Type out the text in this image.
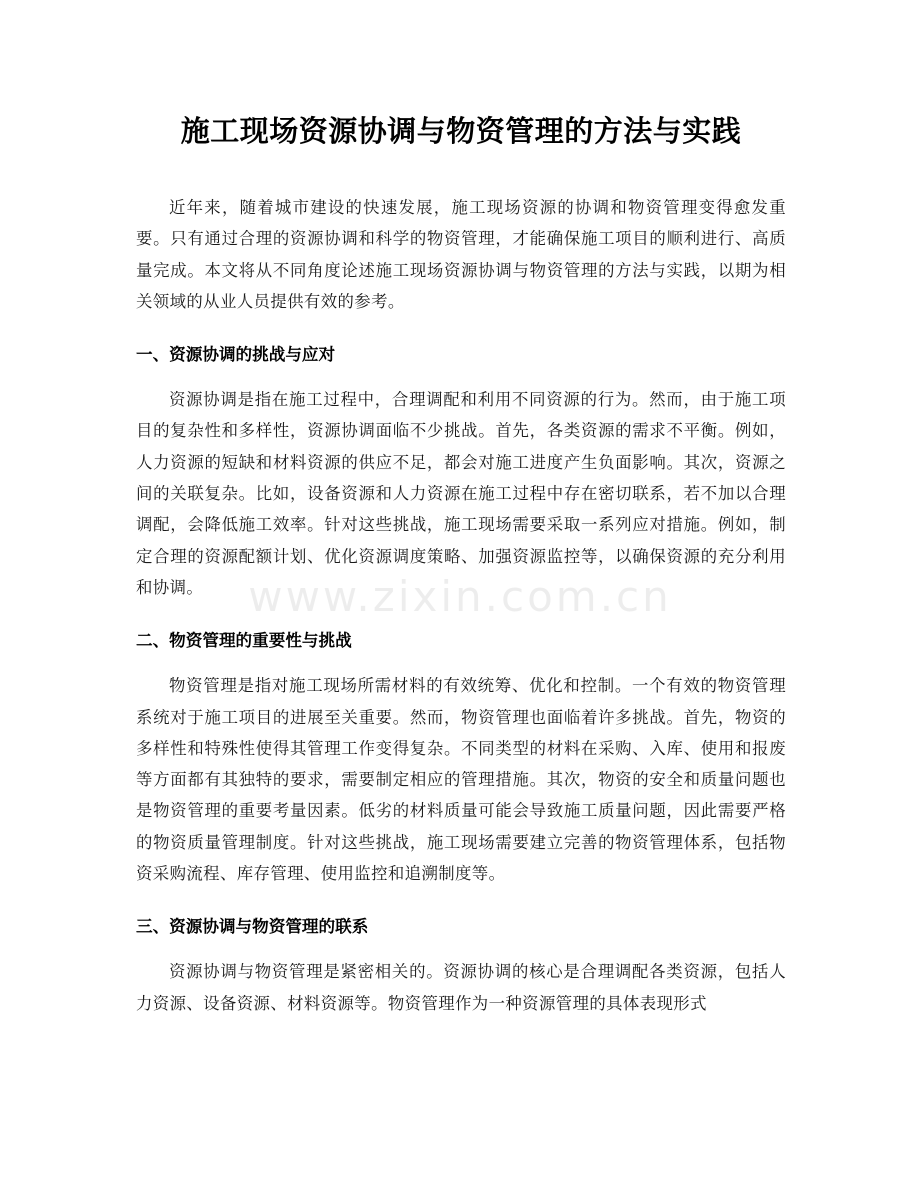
施工现场资源协调与物资管理的方法与实践

近年来，随着城市建设的快速发展，施工现场资源的协调和物资管理变得愈发重要。只有通过合理的资源协调和科学的物资管理，才能确保施工项目的顺利进行、高质量完成。本文将从不同角度论述施工现场资源协调与物资管理的方法与实践，以期为相关领域的从业人员提供有效的参考。

一、资源协调的挑战与应对

资源协调是指在施工过程中，合理调配和利用不同资源的行为。然而，由于施工项目的复杂性和多样性，资源协调面临不少挑战。首先，各类资源的需求不平衡。例如，人力资源的短缺和材料资源的供应不足，都会对施工进度产生负面影响。其次，资源之间的关联复杂。比如，设备资源和人力资源在施工过程中存在密切联系，若不加以合理调配，会降低施工效率。针对这些挑战，施工现场需要采取一系列应对措施。例如，制定合理的资源配额计划、优化资源调度策略、加强资源监控等，以确保资源的充分利用和协调。

二、物资管理的重要性与挑战

物资管理是指对施工现场所需材料的有效统筹、优化和控制。一个有效的物资管理系统对于施工项目的进展至关重要。然而，物资管理也面临着许多挑战。首先，物资的多样性和特殊性使得其管理工作变得复杂。不同类型的材料在采购、入库、使用和报废等方面都有其独特的要求，需要制定相应的管理措施。其次，物资的安全和质量问题也是物资管理的重要考量因素。低劣的材料质量可能会导致施工质量问题，因此需要严格的物资质量管理制度。针对这些挑战，施工现场需要建立完善的物资管理体系，包括物资采购流程、库存管理、使用监控和追溯制度等。

三、资源协调与物资管理的联系

资源协调与物资管理是紧密相关的。资源协调的核心是合理调配各类资源，包括人力资源、设备资源、材料资源等。物资管理作为一种资源管理的具体表现形式

www.zixin.com.cn
